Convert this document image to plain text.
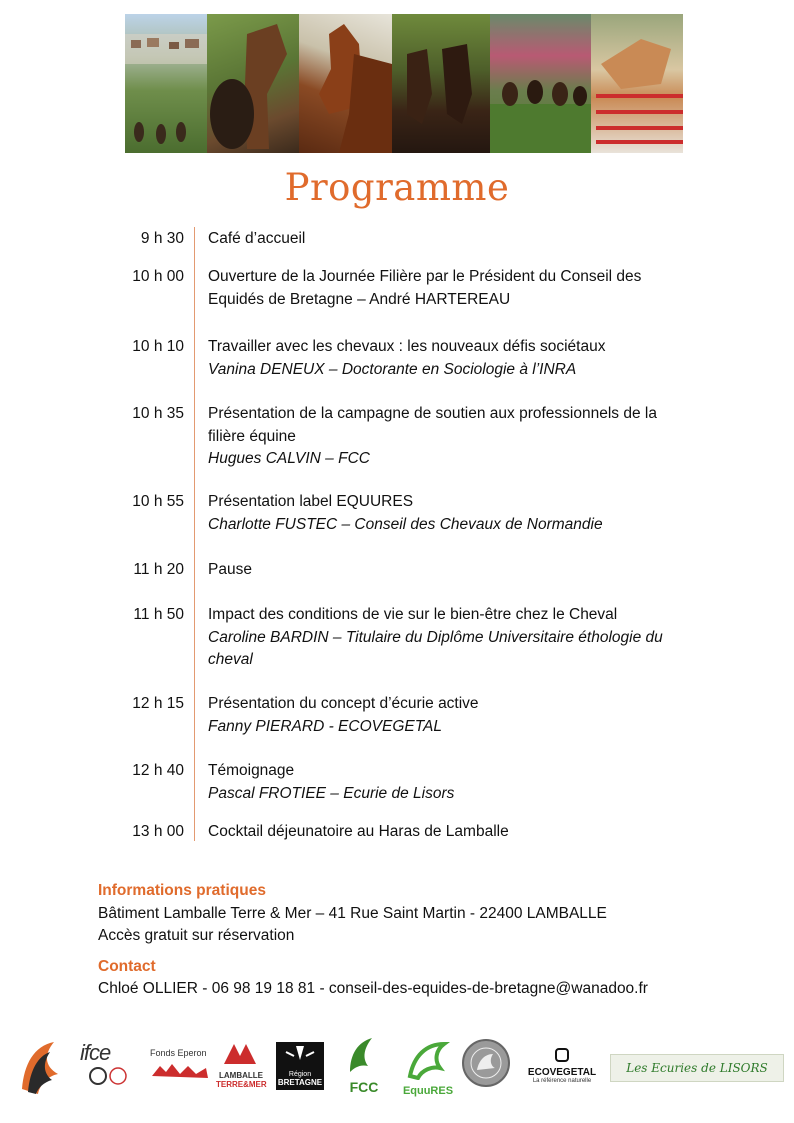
Programme
9 h 30 Café d’accueil
10 h 00 Ouverture de la Journée Filière par le Président du Conseil des
Equidés de Bretagne – André HARTEREAU
10 h 10 Travailler avec les chevaux : les nouveaux défis sociétaux
Vanina DENEUX – Doctorante en Sociologie à l’INRA
10 h 35 Présentation de la campagne de soutien aux professionnels de la
filière équine
Hugues CALVIN – FCC
10 h 55 Présentation label EQUURES
Charlotte FUSTEC – Conseil des Chevaux de Normandie
11 h 20 Pause
11 h 50 Impact des conditions de vie sur le bien-être chez le Cheval
Caroline BARDIN – Titulaire du Diplôme Universitaire éthologie du
cheval
12 h 15 Présentation du concept d’écurie active
Fanny PIERARD - ECOVEGETAL
12 h 40 Témoignage
Pascal FROTIEE – Ecurie de Lisors
13 h 00 Cocktail déjeunatoire au Haras de Lamballe
Informations pratiques
Bâtiment Lamballe Terre & Mer – 41 Rue Saint Martin - 22400 LAMBALLE
Accès gratuit sur réservation
Contact
Chloé OLLIER - 06 98 19 18 81 - conseil-des-equides-de-bretagne@wanadoo.fr
ifce	Fonds Eperon
LAMBALLE
TERRE&MER
Région
BRETAGNE	FCC	EquuRES
ECOVEGETAL
La référence naturelle
Les Ecuries de LISORS
